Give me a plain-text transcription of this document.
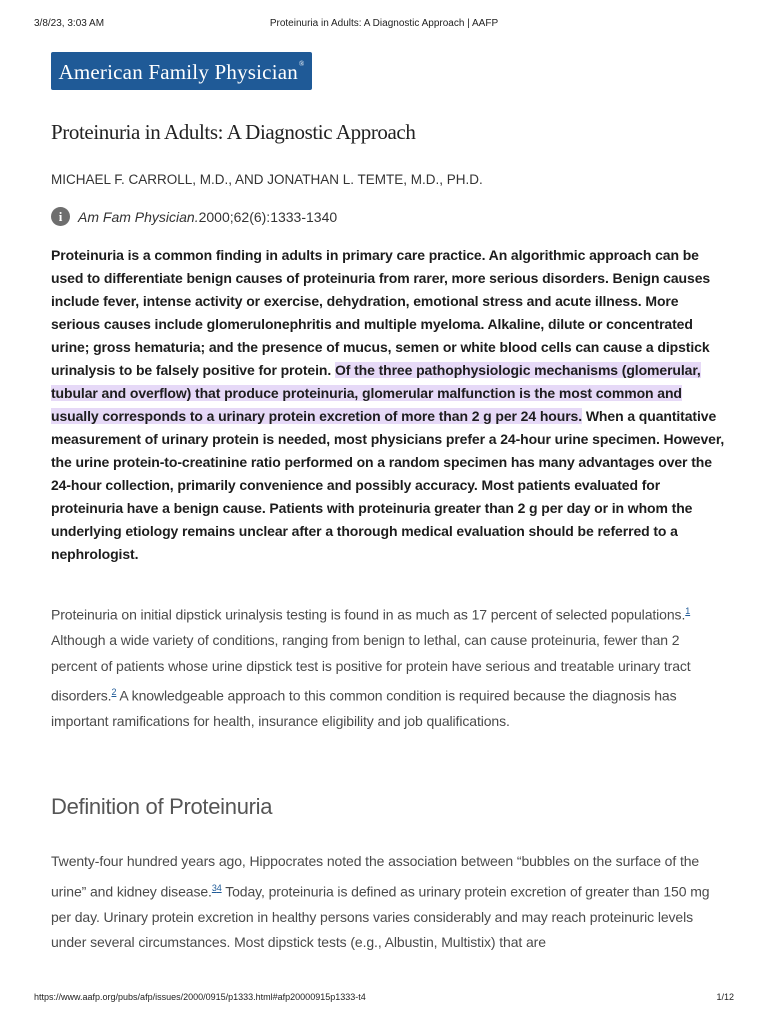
3/8/23, 3:03 AM	Proteinuria in Adults: A Diagnostic Approach | AAFP
American Family Physician®
Proteinuria in Adults: A Diagnostic Approach
MICHAEL F. CARROLL, M.D., AND JONATHAN L. TEMTE, M.D., PH.D.
i	Am Fam Physician. 2000;62(6):1333-1340

Proteinuria is a common finding in adults in primary care practice. An algorithmic approach can be used to differentiate benign causes of proteinuria from rarer, more serious disorders. Benign causes include fever, intense activity or exercise, dehydration, emotional stress and acute illness. More serious causes include glomerulonephritis and multiple myeloma. Alkaline, dilute or concentrated urine; gross hematuria; and the presence of mucus, semen or white blood cells can cause a dipstick urinalysis to be falsely positive for protein. Of the three pathophysiologic mechanisms (glomerular, tubular and overflow) that produce proteinuria, glomerular malfunction is the most common and usually corresponds to a urinary protein excretion of more than 2 g per 24 hours. When a quantitative measurement of urinary protein is needed, most physicians prefer a 24-hour urine specimen. However, the urine protein-to-creatinine ratio performed on a random specimen has many advantages over the 24-hour collection, primarily convenience and possibly accuracy. Most patients evaluated for proteinuria have a benign cause. Patients with proteinuria greater than 2 g per day or in whom the underlying etiology remains unclear after a thorough medical evaluation should be referred to a nephrologist.

Proteinuria on initial dipstick urinalysis testing is found in as much as 17 percent of selected populations.$^1$ Although a wide variety of conditions, ranging from benign to lethal, can cause proteinuria, fewer than 2 percent of patients whose urine dipstick test is positive for protein have serious and treatable urinary tract disorders.$^2$ A knowledgeable approach to this common condition is required because the diagnosis has important ramifications for health, insurance eligibility and job qualifications.

Definition of Proteinuria

Twenty-four hundred years ago, Hippocrates noted the association between “bubbles on the surface of the urine” and kidney disease.$^{34}$ Today, proteinuria is defined as urinary protein excretion of greater than 150 mg per day. Urinary protein excretion in healthy persons varies considerably and may reach proteinuric levels under several circumstances. Most dipstick tests (e.g., Albustin, Multistix) that are

https://www.aafp.org/pubs/afp/issues/2000/0915/p1333.html#afp20000915p1333-t4	1/12
